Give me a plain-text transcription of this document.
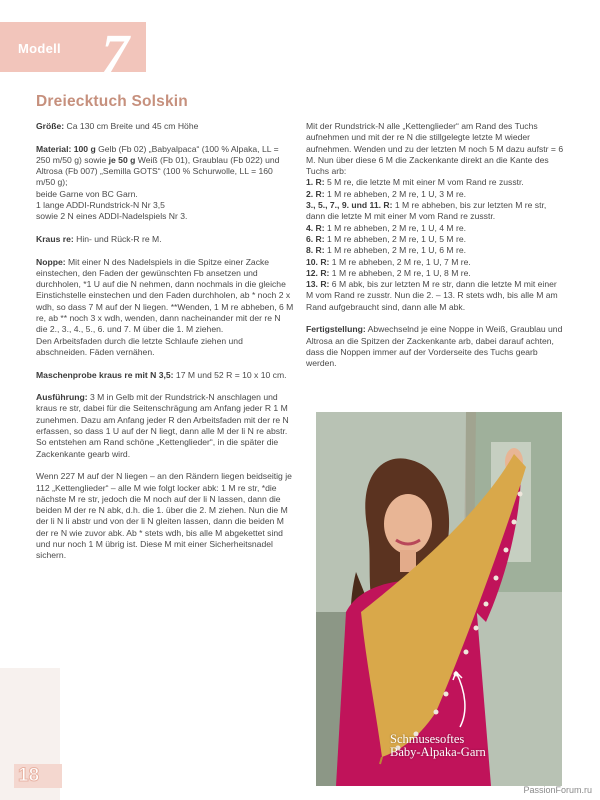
Modell 7
Dreiecktuch Solskin

Größe: Ca 130 cm Breite und 45 cm Höhe

Material: 100 g Gelb (Fb 02) „Babyalpaca“ (100 % Alpaka, LL = 250 m/50 g) sowie je 50 g Weiß (Fb 01), Graublau (Fb 022) und Altrosa (Fb 007) „Semilla GOTS“ (100 % Schurwolle, LL = 160 m/50 g);
beide Garne von BC Garn.
1 lange ADDI-Rundstrick-N Nr 3,5
sowie 2 N eines ADDI-Nadelspiels Nr 3.

Kraus re: Hin- und Rück-R re M.

Noppe: Mit einer N des Nadelspiels in die Spitze einer Zacke einstechen, den Faden der gewünschten Fb ansetzen und durchholen, *1 U auf die N nehmen, dann nochmals in die gleiche Einstichstelle einstechen und den Faden durchholen, ab * noch 2 x wdh, so dass 7 M auf der N liegen. **Wenden, 1 M re abheben, 6 M re, ab ** noch 3 x wdh, wenden, dann nacheinander mit der re N die 2., 3., 4., 5., 6. und 7. M über die 1. M ziehen.
Den Arbeitsfaden durch die letzte Schlaufe ziehen und abschneiden. Fäden vernähen.

Maschenprobe kraus re mit N 3,5: 17 M und 52 R = 10 x 10 cm.

Ausführung: 3 M in Gelb mit der Rundstrick-N anschlagen und kraus re str, dabei für die Seitenschrägung am Anfang jeder R 1 M zunehmen. Dazu am Anfang jeder R den Arbeitsfaden mit der re N erfassen, so dass 1 U auf der N liegt, dann alle M der li N re abstr. So entstehen am Rand schöne „Kettenglieder“, in die später die Zackenkante gearb wird.

Wenn 227 M auf der N liegen – an den Rändern liegen beidseitig je 112 „Kettenglieder“ – alle M wie folgt locker abk: 1 M re str, *die nächste M re str, jedoch die M noch auf der li N lassen, dann die beiden M der re N abk, d.h. die 1. über die 2. M ziehen. Nun die M der li N li abstr und von der li N gleiten lassen, dann die beiden M der re N wie zuvor abk. Ab * stets wdh, bis alle M abgekettet sind und nur noch 1 M übrig ist. Diese M mit einer Sicherheitsnadel sichern.

Mit der Rundstrick-N alle „Kettenglieder“ am Rand des Tuchs aufnehmen und mit der re N die stillgelegte letzte M wieder aufnehmen. Wenden und zu der letzten M noch 5 M dazu aufstr = 6 M. Nun über diese 6 M die Zackenkante direkt an die Kante des Tuchs arb:
1. R: 5 M re, die letzte M mit einer M vom Rand re zusstr.
2. R: 1 M re abheben, 2 M re, 1 U, 3 M re.
3., 5., 7., 9. und 11. R: 1 M re abheben, bis zur letzten M re str, dann die letzte M mit einer M vom Rand re zusstr.
4. R: 1 M re abheben, 2 M re, 1 U, 4 M re.
6. R: 1 M re abheben, 2 M re, 1 U, 5 M re.
8. R: 1 M re abheben, 2 M re, 1 U, 6 M re.
10. R: 1 M re abheben, 2 M re, 1 U, 7 M re.
12. R: 1 M re abheben, 2 M re, 1 U, 8 M re.
13. R: 6 M abk, bis zur letzten M re str, dann die letzte M mit einer M vom Rand re zusstr. Nun die 2. – 13. R stets wdh, bis alle M am Rand aufgebraucht sind, dann alle M abk.

Fertigstellung: Abwechselnd je eine Noppe in Weiß, Graublau und Altrosa an die Spitzen der Zackenkante arb, dabei darauf achten, dass die Noppen immer auf der Vorderseite des Tuchs gearb werden.

Schmusesoftes
Baby-Alpaka-Garn
18
PassionForum.ru
